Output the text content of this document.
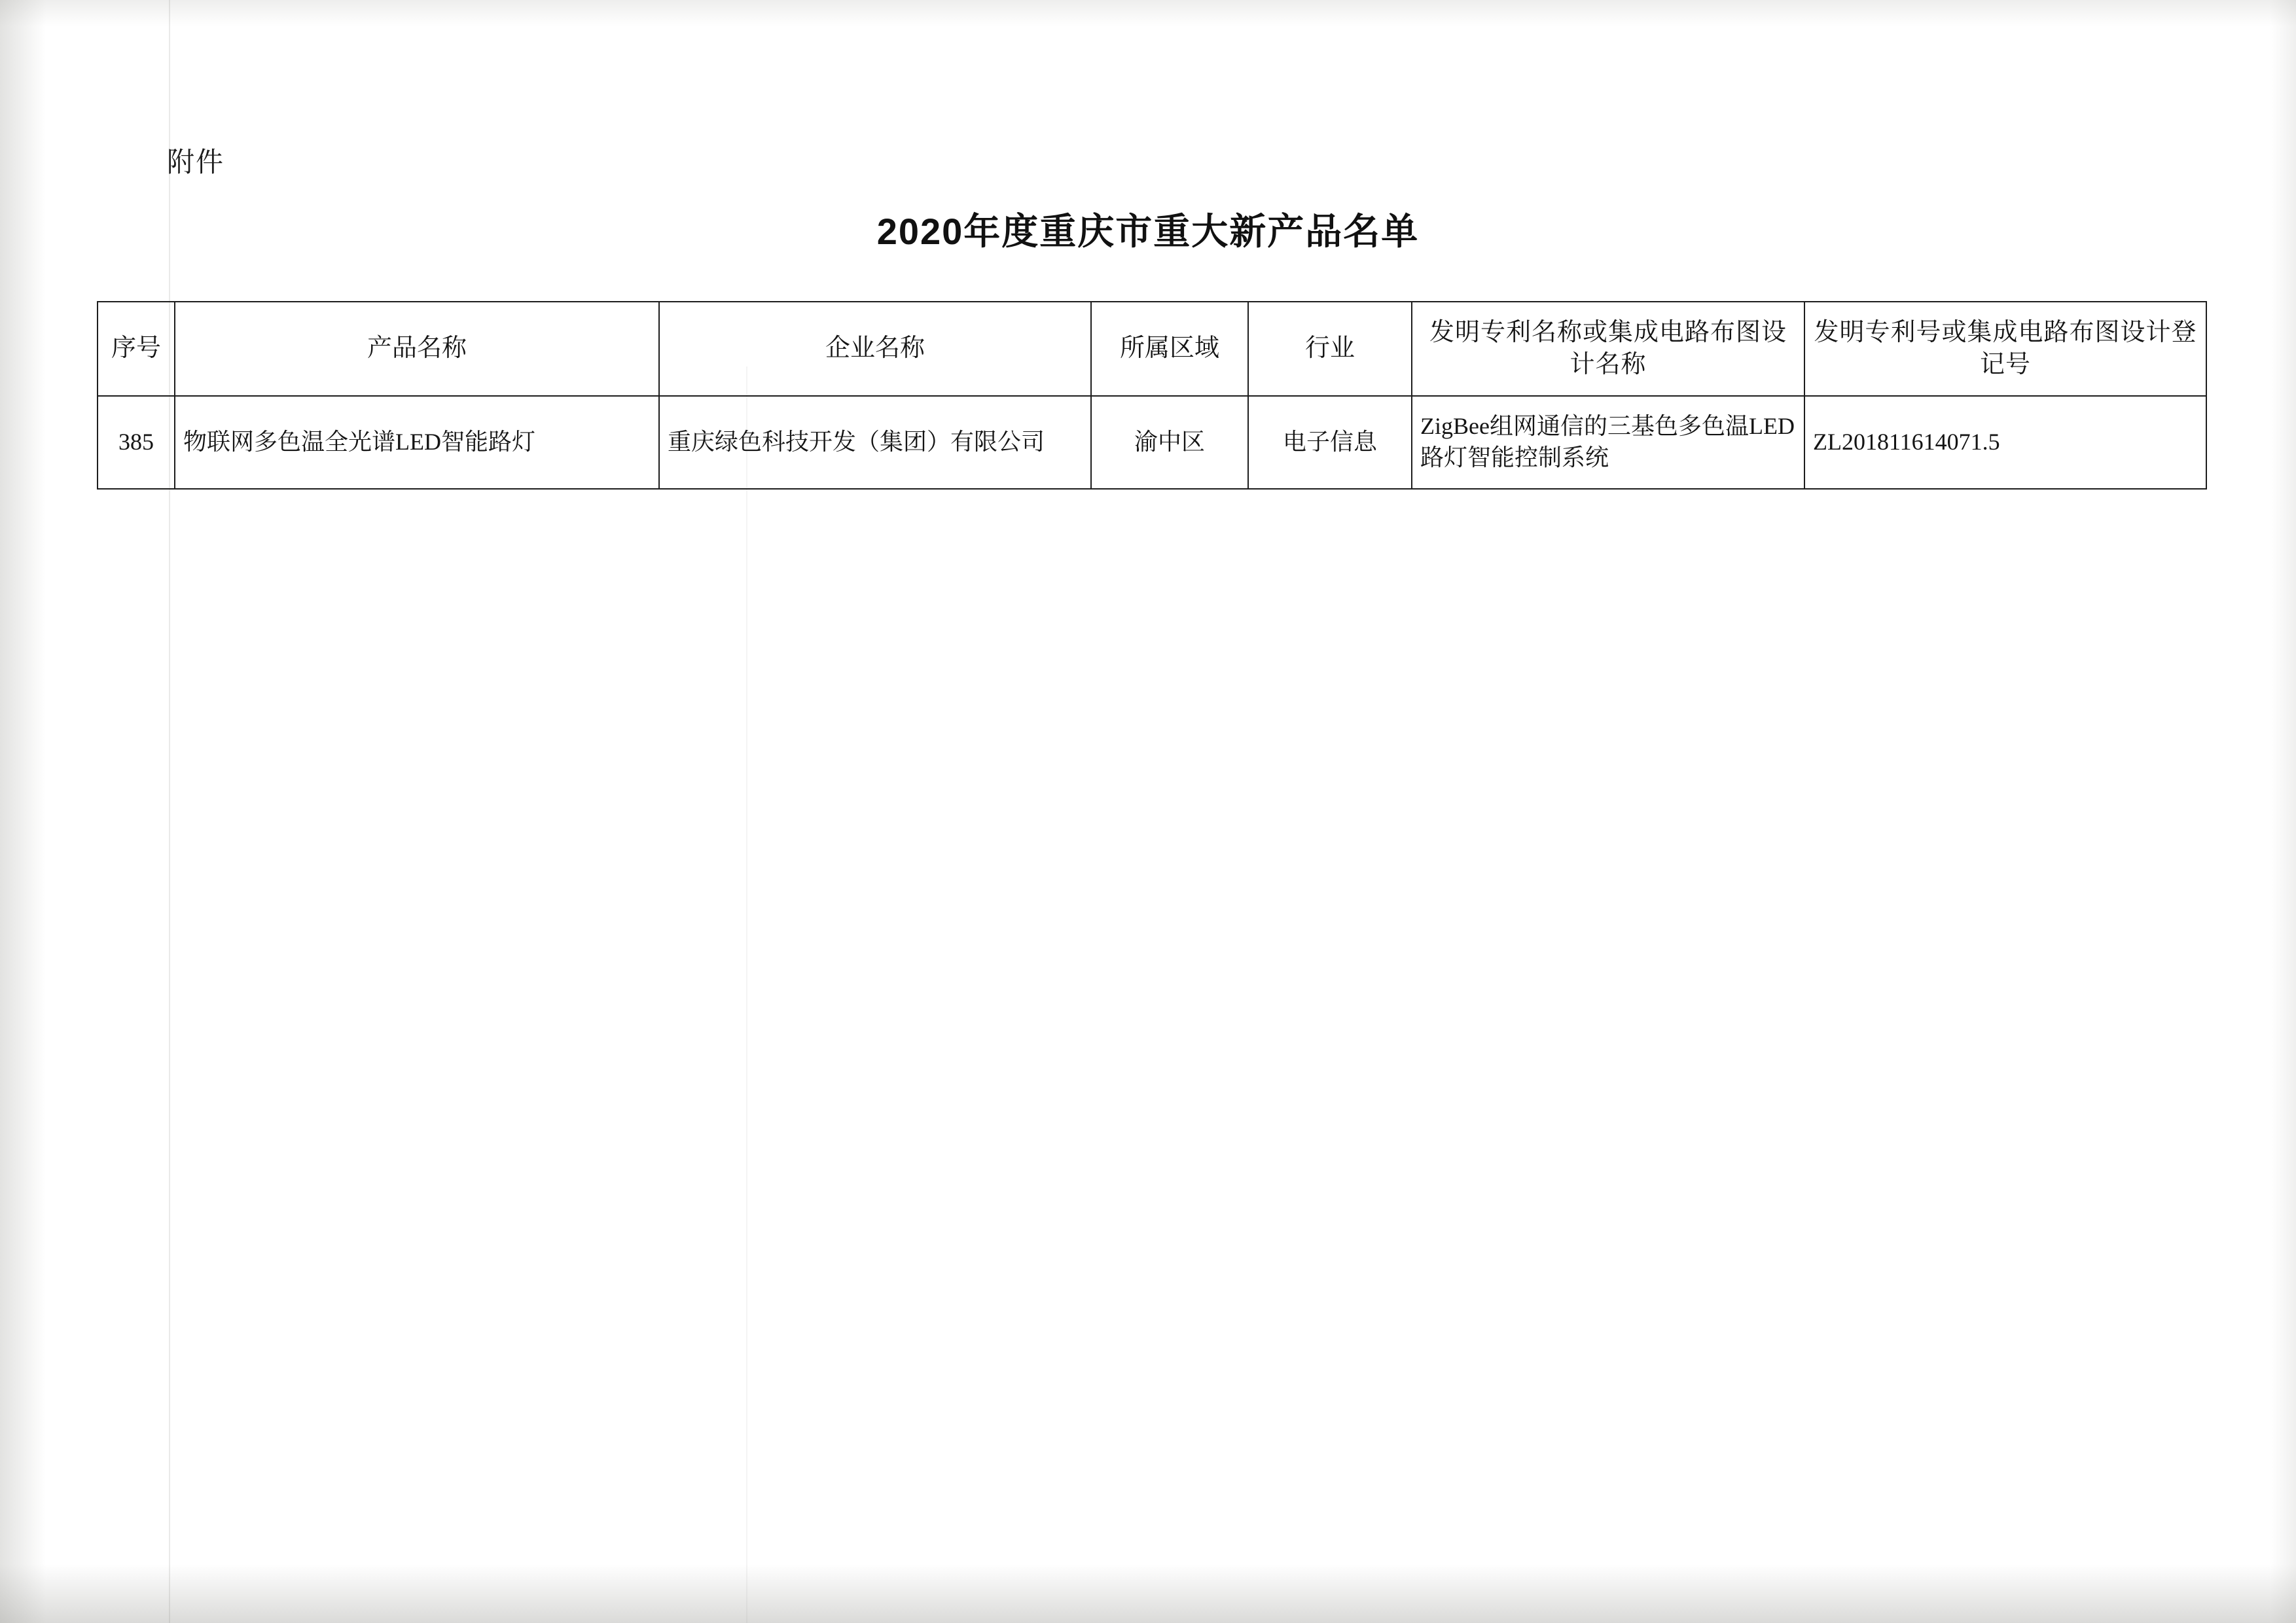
附件
2020年度重庆市重大新产品名单
序号	产品名称	企业名称	所属区域	行业	发明专利名称或集成电路布图设计名称	发明专利号或集成电路布图设计登记号
385	物联网多色温全光谱LED智能路灯	重庆绿色科技开发（集团）有限公司	渝中区	电子信息	ZigBee组网通信的三基色多色温LED路灯智能控制系统	ZL201811614071.5
